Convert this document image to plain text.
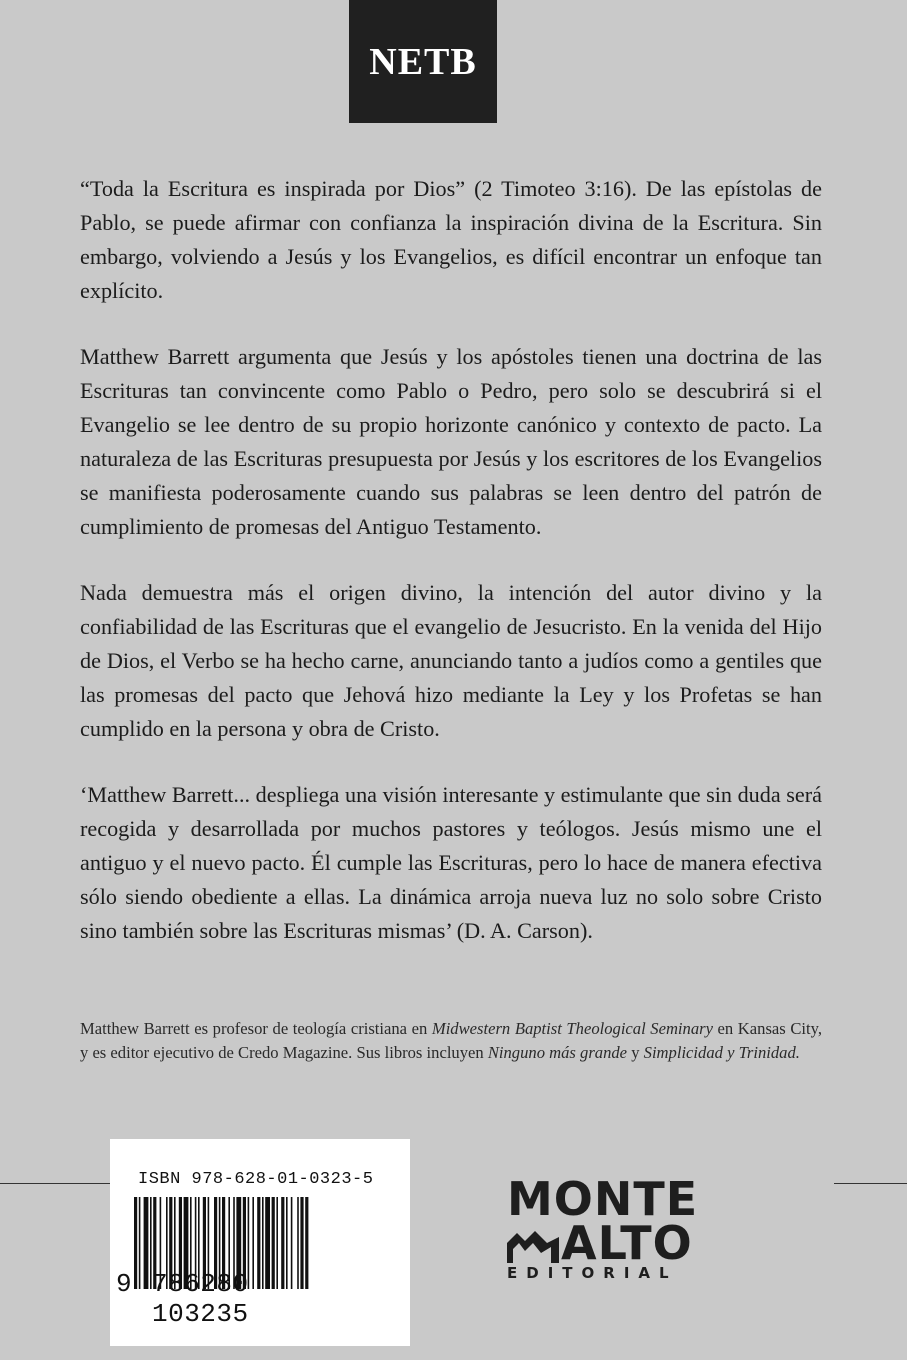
NETB

“Toda la Escritura es inspirada por Dios” (2 Timoteo 3:16). De las epístolas de Pablo, se puede afirmar con confianza la inspiración divina de la Escritura. Sin embargo, volviendo a Jesús y los Evangelios, es difícil encontrar un enfoque tan explícito.

Matthew Barrett argumenta que Jesús y los apóstoles tienen una doctrina de las Escrituras tan convincente como Pablo o Pedro, pero solo se descubrirá si el Evangelio se lee dentro de su propio horizonte canónico y contexto de pacto. La naturaleza de las Escrituras presupuesta por Jesús y los escritores de los Evangelios se manifiesta poderosamente cuando sus palabras se leen dentro del patrón de cumplimiento de promesas del Antiguo Testamento.

Nada demuestra más el origen divino, la intención del autor divino y la confiabilidad de las Escrituras que el evangelio de Jesucristo. En la venida del Hijo de Dios, el Verbo se ha hecho carne, anunciando tanto a judíos como a gentiles que las promesas del pacto que Jehová hizo mediante la Ley y los Profetas se han cumplido en la persona y obra de Cristo.

‘Matthew Barrett... despliega una visión interesante y estimulante que sin duda será recogida y desarrollada por muchos pastores y teólogos. Jesús mismo une el antiguo y el nuevo pacto. Él cumple las Escrituras, pero lo hace de manera efectiva sólo siendo obediente a ellas. La dinámica arroja nueva luz no solo sobre Cristo sino también sobre las Escrituras mismas’ (D. A. Carson).

Matthew Barrett es profesor de teología cristiana en Midwestern Baptist Theological Seminary en Kansas City, y es editor ejecutivo de Credo Magazine. Sus libros incluyen Ninguno más grande y Simplicidad y Trinidad.
ISBN 978-628-01-0323-5
9 786280 103235
MONTE
ALTO
EDITORIAL
